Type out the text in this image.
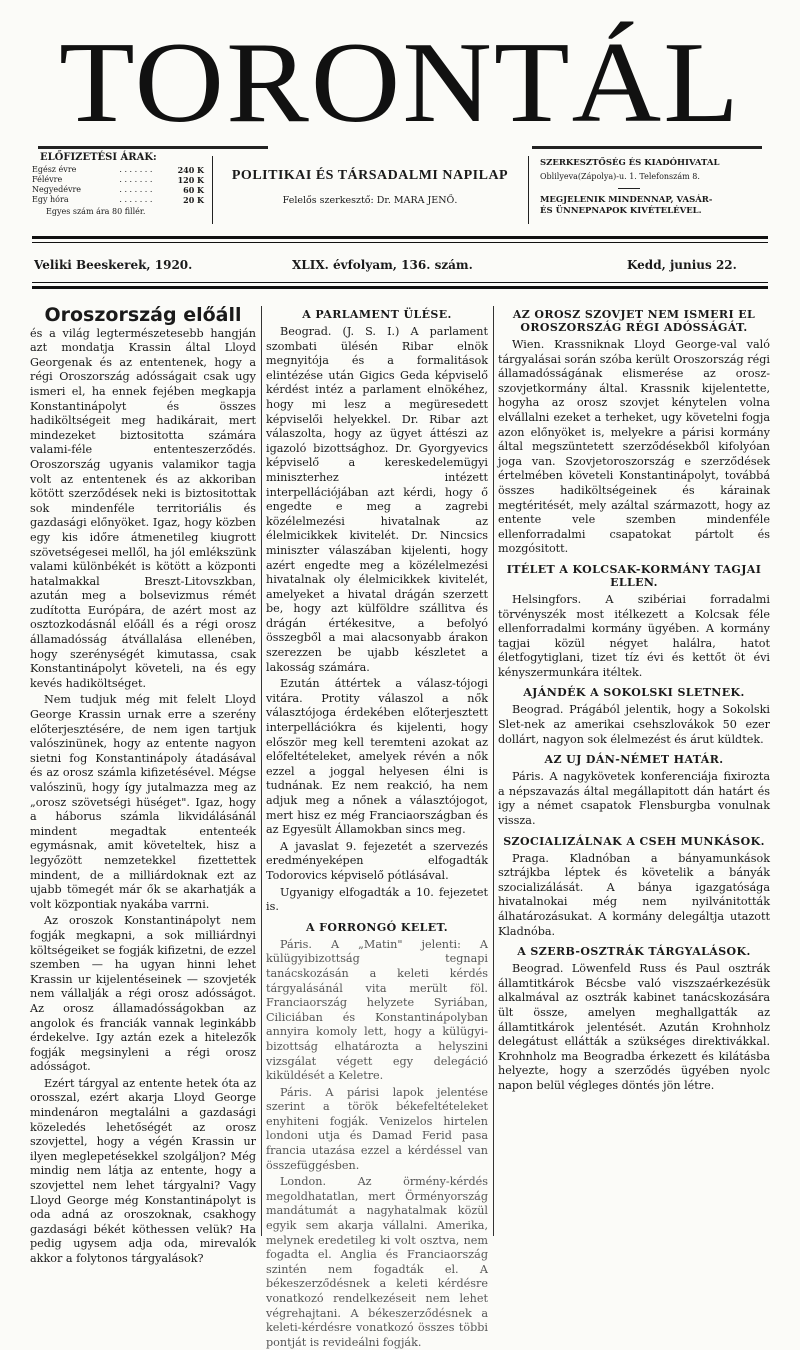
TORONTÁL
ELŐFIZETÉSI ÁRAK:
Egész évre	. . . . . . .	240 K
Félévre	. . . . . . .	120 K
Negyedévre	. . . . . . .	60 K
Egy hóra	. . . . . . .	20 K
Egyes szám ára 80 fillér.
POLITIKAI ÉS TÁRSADALMI NAPILAP
Felelős szerkesztő: Dr. MARA JENŐ.
SZERKESZTŐSÉG ÉS KIADÓHIVATAL
Oblilyeva(Zápolya)-u. 1. Telefonszám 8.
MEGJELENIK MINDENNAP, VASÁR-
ÉS ÜNNEPNAPOK KIVÉTELÉVEL.
Veliki Beeskerek, 1920.	XLIX. évfolyam, 136. szám.	Kedd, junius 22.
Oroszország előáll

és a világ legtermészetesebb hangján azt mondatja Krassin által Lloyd Georgenak és az ententenek, hogy a régi Oroszország adósságait csak ugy ismeri el, ha ennek fejében megkapja Konstantinápolyt és összes hadiköltségeit meg hadikárait, mert mindezeket biztositotta számára valami-féle ententeszerződés. Oroszország ugyanis valamikor tagja volt az ententenek és az akkoriban kötött szerződések neki is biztositottak sok mindenféle territoriális és gazdasági előnyöket. Igaz, hogy közben egy kis időre átmenetileg kiugrott szövetségesei mellől, ha jól emlékszünk valami különbékét is kötött a központi hatalmakkal Breszt-Litovszkban, azután meg a bolsevizmus rémét zudította Európára, de azért most az osztozkodásnál előáll és a régi orosz államadósság átvállalása ellenében, hogy szerénységét kimutassa, csak Konstantinápolyt követeli, na és egy kevés hadiköltséget.

Nem tudjuk még mit felelt Lloyd George Krassin urnak erre a szerény előterjesztésére, de nem igen tartjuk valószinünek, hogy az entente nagyon sietni fog Konstantinápoly átadásával és az orosz számla kifizetésével. Mégse valószinü, hogy így jutalmazza meg az „orosz szövetségi hüséget". Igaz, hogy a háborus számla likvidálásánál mindent megadtak ententeék egymásnak, amit követeltek, hisz a legyőzött nemzetekkel fizettettek mindent, de a milliárdoknak ezt az ujabb tömegét már ők se akarhatják a volt központiak nyakába varrni.

Az oroszok Konstantinápolyt nem fogják megkapni, a sok milliárdnyi költségeiket se fogják kifizetni, de ezzel szemben — ha ugyan hinni lehet Krassin ur kijelentéseinek — szovjeték nem vállalják a régi orosz adósságot. Az orosz államadósságokban az angolok és franciák vannak leginkább érdekelve. Igy aztán ezek a hitelezők fogják megsinyleni a régi orosz adósságot.

Ezért tárgyal az entente hetek óta az orosszal, ezért akarja Lloyd George mindenáron megtalálni a gazdasági közeledés lehetőségét az orosz szovjettel, hogy a végén Krassin ur ilyen meglepetésekkel szolgáljon? Még mindig nem látja az entente, hogy a szovjettel nem lehet tárgyalni? Vagy Lloyd George még Konstantinápolyt is oda adná az oroszoknak, csakhogy gazdasági békét köthessen velük? Ha pedig ugysem adja oda, mirevalók akkor a folytonos tárgyalások?

A PARLAMENT ÜLÉSE.

Beograd. (J. S. I.) A parlament szombati ülésén Ribar elnök megnyitója és a formalitások elintézése után Gigics Geda képviselő kérdést intéz a parlament elnökéhez, hogy mi lesz a megüresedett képviselői helyekkel. Dr. Ribar azt válaszolta, hogy az ügyet áttészi az igazoló bizottsághoz. Dr. Gyorgyevics képviselő a kereskedelemügyi miniszterhez intézett interpellációjában azt kérdi, hogy ő engedte e meg a zagrebi közélelmezési hivatalnak az élelmicikkek kivitelét. Dr. Nincsics miniszter válaszában kijelenti, hogy azért engedte meg a közélelmezési hivatalnak oly élelmicikkek kivitelét, amelyeket a hivatal drágán szerzett be, hogy azt külföldre szállitva és drágán értékesitve, a befolyó összegből a mai alacsonyabb árakon szerezzen be ujabb készletet a lakosság számára.

Ezután áttértek a válasz-tójogi vitára. Protity válaszol a nők választójoga érdekében előterjesztett interpellációkra és kijelenti, hogy először meg kell teremteni azokat az előfeltételeket, amelyek révén a nők ezzel a joggal helyesen élni is tudnának. Ez nem reakció, ha nem adjuk meg a nőnek a választójogot, mert hisz ez még Franciaországban és az Egyesült Államokban sincs meg.

A javaslat 9. fejezetét a szervezés eredményeképen elfogadták Todorovics képviselő pótlásával.

Ugyanigy elfogadták a 10. fejezetet is.

A FORRONGÓ KELET.

Páris. A „Matin" jelenti: A külügyibizottság tegnapi tanácskozásán a keleti kérdés tárgyalásánál vita merült föl. Franciaország helyzete Syriában, Ciliciában és Konstantinápolyban annyira komoly lett, hogy a külügyi-bizottság elhatározta a helyszini vizsgálat végett egy delegáció kiküldését a Keletre.

Páris. A párisi lapok jelentése szerint a török békefeltételeket enyhiteni fogják. Venizelos hirtelen londoni utja és Damad Ferid pasa francia utazása ezzel a kérdéssel van összefüggésben.

London. Az örmény-kérdés megoldhatatlan, mert Örményország mandátumát a nagyhatalmak közül egyik sem akarja vállalni. Amerika, melynek eredetileg ki volt osztva, nem fogadta el. Anglia és Franciaország szintén nem fogadták el. A békeszerződésnek a keleti kérdésre vonatkozó rendelkezéseit nem lehet végrehajtani. A békeszerződésnek a keleti-kérdésre vonatkozó összes többi pontját is revideálni fogják.

AZ OROSZ SZOVJET NEM ISMERI EL OROSZORSZÁG RÉGI ADÓSSÁGÁT.

Wien. Krassniknak Lloyd George-val való tárgyalásai során szóba került Oroszország régi államadósságának elismerése az orosz-szovjetkormány által. Krassnik kijelentette, hogyha az orosz szovjet kénytelen volna elvállalni ezeket a terheket, ugy követelni fogja azon előnyöket is, melyekre a párisi kormány által megszüntetett szerződésekből kifolyóan joga van. Szovjetoroszország e szerződések értelmében követeli Konstantinápolyt, továbbá összes hadiköltségeinek és kárainak megtéritését, mely azáltal származott, hogy az entente vele szemben mindenféle ellenforradalmi csapatokat pártolt és mozgósitott.

ITÉLET A KOLCSAK-KORMÁNY TAGJAI ELLEN.

Helsingfors. A szibériai forradalmi törvényszék most itélkezett a Kolcsak féle ellenforradalmi kormány ügyében. A kormány tagjai közül négyet halálra, hatot életfogytiglani, tizet tíz évi és kettőt öt évi kényszermunkára itéltek.

AJÁNDÉK A SOKOLSKI SLETNEK.

Beograd. Prágából jelentik, hogy a Sokolski Slet-nek az amerikai csehszlovákok 50 ezer dollárt, nagyon sok élelmezést és árut küldtek.

AZ UJ DÁN-NÉMET HATÁR.

Páris. A nagykövetek konferenciája fixirozta a népszavazás által megállapitott dán határt és igy a német csapatok Flensburgba vonulnak vissza.

SZOCIALIZÁLNAK A CSEH MUNKÁSOK.

Praga. Kladnóban a bányamunkások sztrájkba léptek és követelik a bányák szocializálását. A bánya igazgatósága hivatalnokai még nem nyilvánitották álhatározásukat. A kormány delegáltja utazott Kladnóba.

A SZERB-OSZTRÁK TÁRGYALÁSOK.

Beograd. Löwenfeld Russ és Paul osztrák államtitkárok Bécsbe való viszszaérkezésük alkalmával az osztrák kabinet tanácskozására ült össze, amelyen meghallgatták az államtitkárok jelentését. Azután Krohnholz delegátust ellátták a szükséges direktivákkal. Krohnholz ma Beogradba érkezett és kilátásba helyezte, hogy a szerződés ügyében nyolc napon belül végleges döntés jön létre.
